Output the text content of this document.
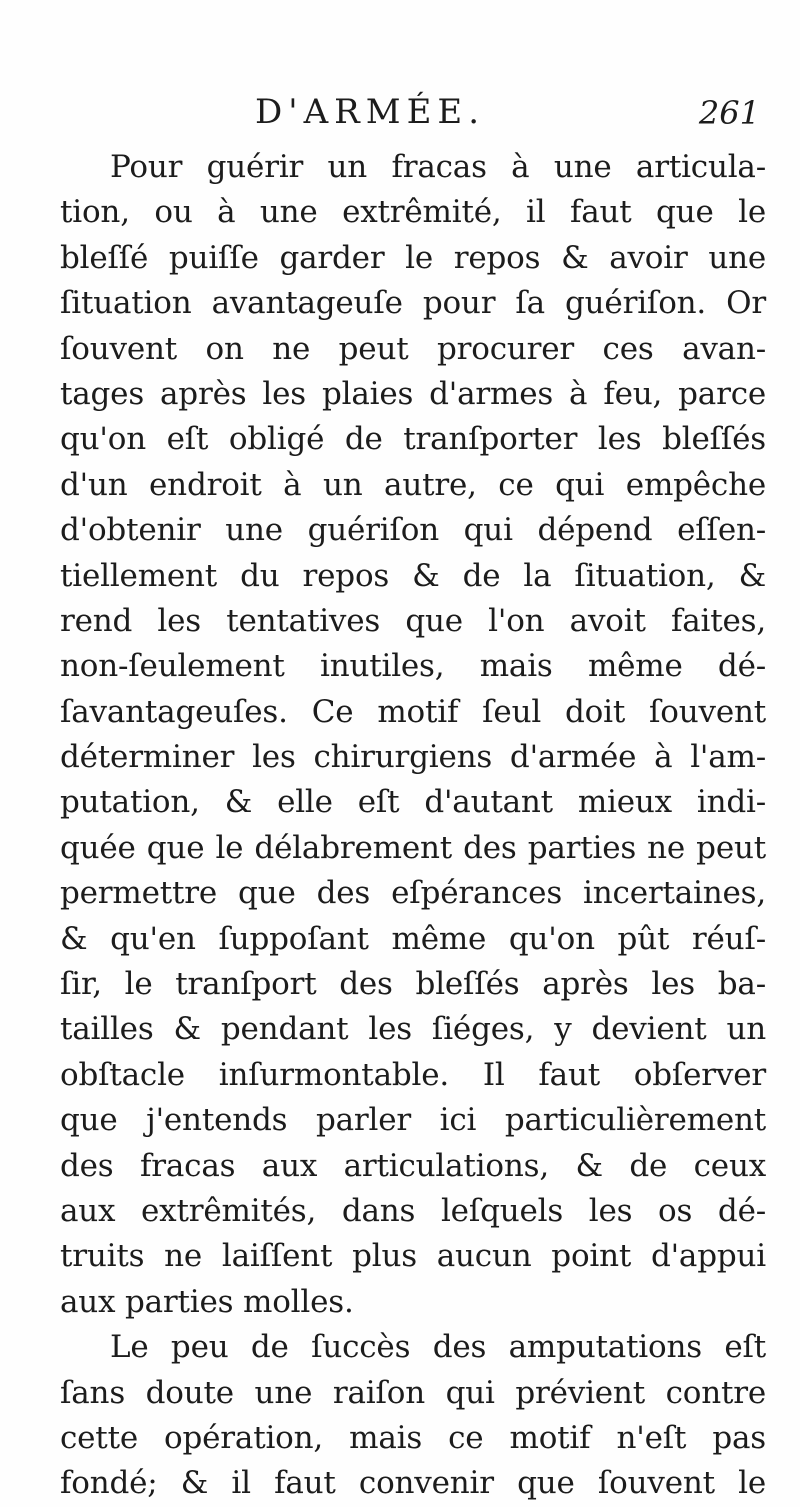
D'ARMÉE.	261
Pour guérir un fracas à une articula-
tion, ou à une extrêmité, il faut que le
bleſſé puiſſe garder le repos & avoir une
ſituation avantageuſe pour ſa guériſon. Or
ſouvent on ne peut procurer ces avan-
tages après les plaies d'armes à feu, parce
qu'on eſt obligé de tranſporter les bleſſés
d'un endroit à un autre, ce qui empêche
d'obtenir une guériſon qui dépend eſſen-
tiellement du repos & de la ſituation, &
rend les tentatives que l'on avoit faites,
non-ſeulement inutiles, mais même dé-
ſavantageuſes. Ce motif ſeul doit ſouvent
déterminer les chirurgiens d'armée à l'am-
putation, & elle eſt d'autant mieux indi-
quée que le délabrement des parties ne peut
permettre que des eſpérances incertaines,
& qu'en ſuppoſant même qu'on pût réuſ-
ſir, le tranſport des bleſſés après les ba-
tailles & pendant les ſiéges, y devient un
obſtacle inſurmontable. Il faut obſerver
que j'entends parler ici particulièrement
des fracas aux articulations, & de ceux
aux extrêmités, dans leſquels les os dé-
truits ne laiſſent plus aucun point d'appui
aux parties molles.
Le peu de ſuccès des amputations eſt
ſans doute une raiſon qui prévient contre
cette opération, mais ce motif n'eſt pas
fondé; & il faut convenir que ſouvent le
